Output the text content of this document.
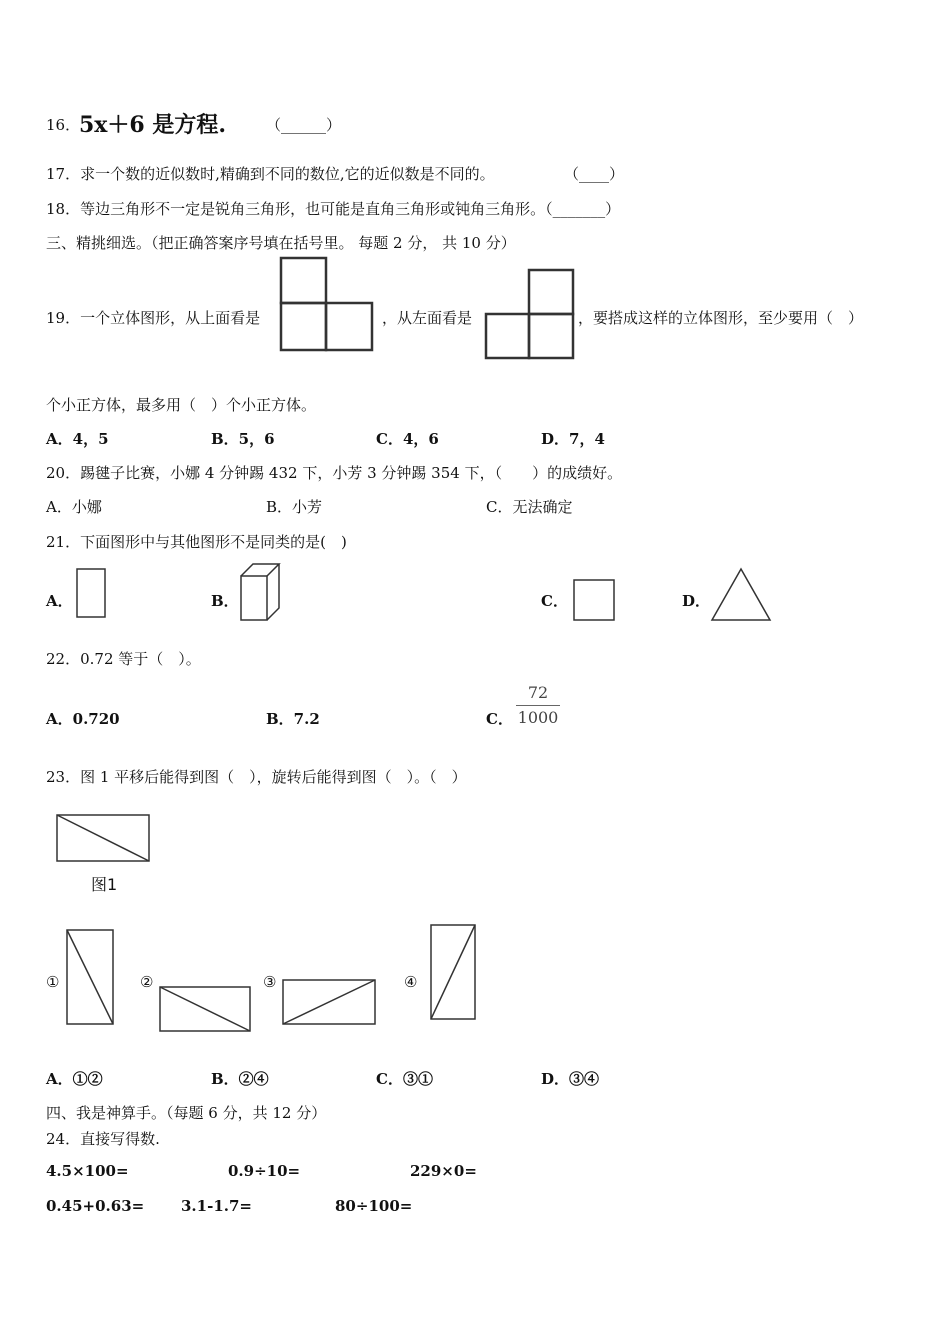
16．
5x＋6 是方程.	（______）
17．求一个数的近似数时,精确到不同的数位,它的近似数是不同的。	（____）
18．等边三角形不一定是锐角三角形，也可能是直角三角形或钝角三角形。（_______）
三、精挑细选。（把正确答案序号填在括号里。 每题 2 分， 共 10 分）
19．一个立体图形，从上面看是	，从左面看是	，要搭成这样的立体图形，至少要用（　）
个小正方体，最多用（　）个小正方体。
A．4，5	B．5，6	C．4，6	D．7，4
20．踢毽子比赛，小娜 4 分钟踢 432 下，小芳 3 分钟踢 354 下，（　　）的成绩好。
A．小娜	B．小芳	C．无法确定
21．下面图形中与其他图形不是同类的是(　)
A．	B．	C．	D．
22．0.72 等于（　）。
A．0.720	B．7.2	C．
72
1000
23．图 1 平移后能得到图（　），旋转后能得到图（　）。（　）
图1
①	②	③	④
A．①②	B．②④	C．③①	D．③④
四、我是神算手。（每题 6 分，共 12 分）
24．直接写得数.
4.5×100=	0.9÷10=	229×0=
0.45+0.63= 3.1-1.7=	80÷100=
